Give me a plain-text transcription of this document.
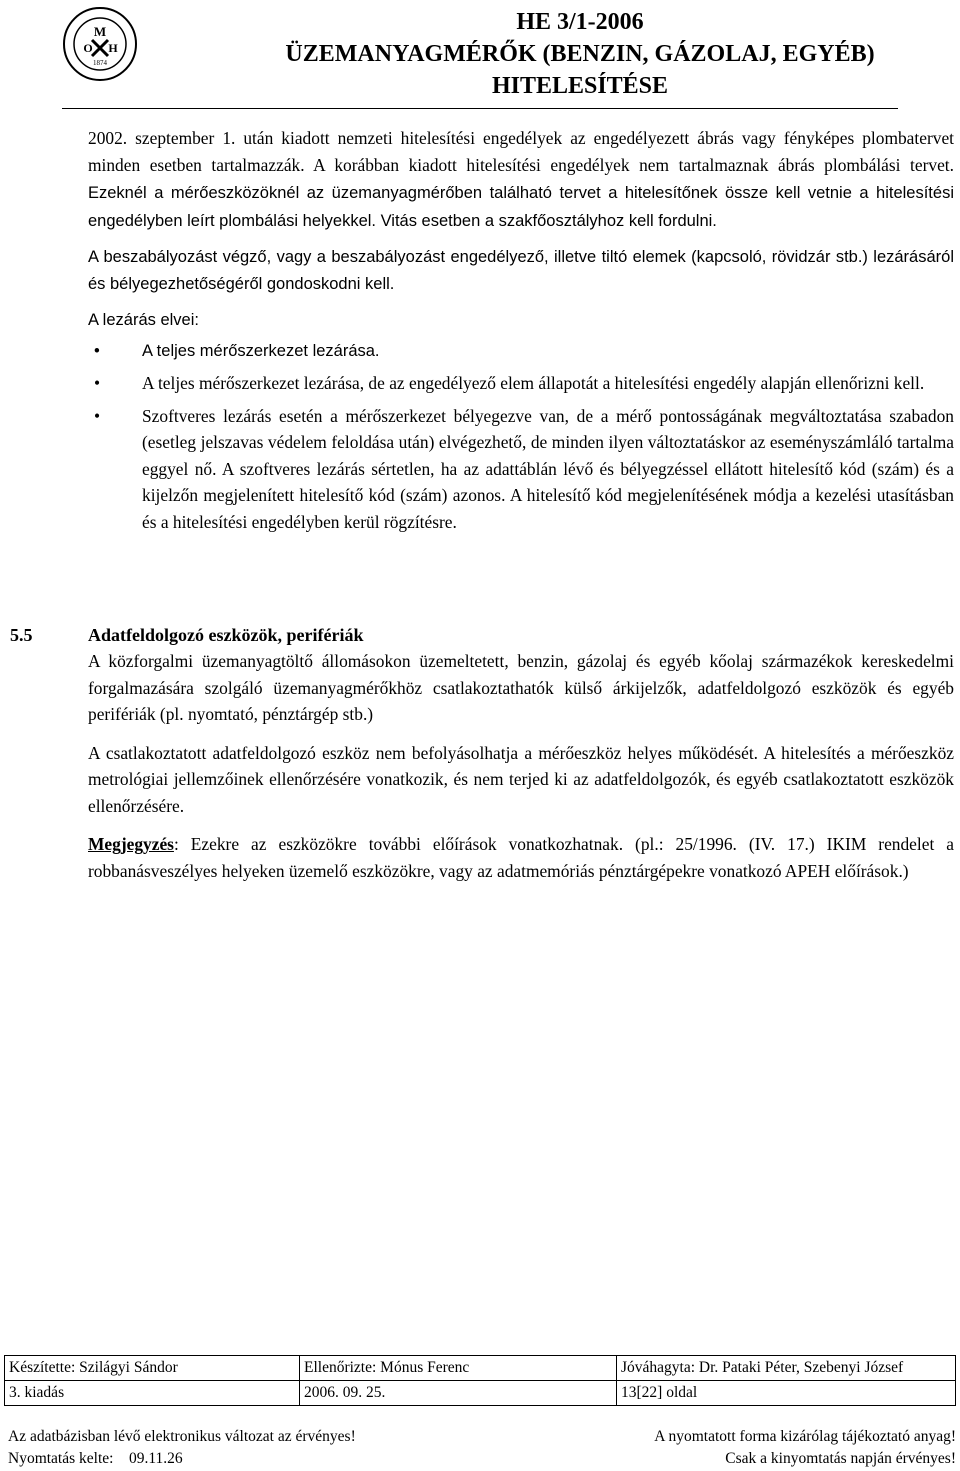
M
O H
1874
HE 3/1-2006
ÜZEMANYAGMÉRŐK (BENZIN, GÁZOLAJ, EGYÉB)
HITELESÍTÉSE

2002. szeptember 1. után kiadott nemzeti hitelesítési engedélyek az engedélyezett ábrás vagy fényképes plombatervet minden esetben tartalmazzák. A korábban kiadott hitelesítési engedélyek nem tartalmaznak ábrás plombálási tervet. Ezeknél a mérőeszközöknél az üzemanyagmérőben található tervet a hitelesítőnek össze kell vetnie a hitelesítési engedélyben leírt plombálási helyekkel. Vitás esetben a szakfőosztályhoz kell fordulni.

A beszabályozást végző, vagy a beszabályozást engedélyező, illetve tiltó elemek (kapcsoló, rövidzár stb.) lezárásáról és bélyegezhetőségéről gondoskodni kell.

A lezárás elvei:

• A teljes mérőszerkezet lezárása.
• A teljes mérőszerkezet lezárása, de az engedélyező elem állapotát a hitelesítési engedély alapján ellenőrizni kell.
• Szoftveres lezárás esetén a mérőszerkezet bélyegezve van, de a mérő pontosságának megváltoztatása szabadon (esetleg jelszavas védelem feloldása után) elvégezhető, de minden ilyen változtatáskor az eseményszámláló tartalma eggyel nő. A szoftveres lezárás sértetlen, ha az adattáblán lévő és bélyegzéssel ellátott hitelesítő kód (szám) és a kijelzőn megjelenített hitelesítő kód (szám) azonos. A hitelesítő kód megjelenítésének módja a kezelési utasításban és a hitelesítési engedélyben kerül rögzítésre.
5.5	Adatfeldolgozó eszközök, perifériák

A közforgalmi üzemanyagtöltő állomásokon üzemeltetett, benzin, gázolaj és egyéb kőolaj származékok kereskedelmi forgalmazására szolgáló üzemanyagmérőkhöz csatlakoztathatók külső árkijelzők, adatfeldolgozó eszközök és egyéb perifériák (pl. nyomtató, pénztárgép stb.)

A csatlakoztatott adatfeldolgozó eszköz nem befolyásolhatja a mérőeszköz helyes működését. A hitelesítés a mérőeszköz metrológiai jellemzőinek ellenőrzésére vonatkozik, és nem terjed ki az adatfeldolgozók, és egyéb csatlakoztatott eszközök ellenőrzésére.

Megjegyzés: Ezekre az eszközökre további előírások vonatkozhatnak. (pl.: 25/1996. (IV. 17.) IKIM rendelet a robbanásveszélyes helyeken üzemelő eszközökre, vagy az adatmemóriás pénztárgépekre vonatkozó APEH előírások.)

Készítette: Szilágyi Sándor	Ellenőrizte: Mónus Ferenc	Jóváhagyta: Dr. Pataki Péter, Szebenyi József
3. kiadás	2006. 09. 25.	13[22] oldal
Az adatbázisban lévő elektronikus változat az érvényes!	A nyomtatott forma kizárólag tájékoztató anyag!
Nyomtatás kelte:    09.11.26	Csak a kinyomtatás napján érvényes!
